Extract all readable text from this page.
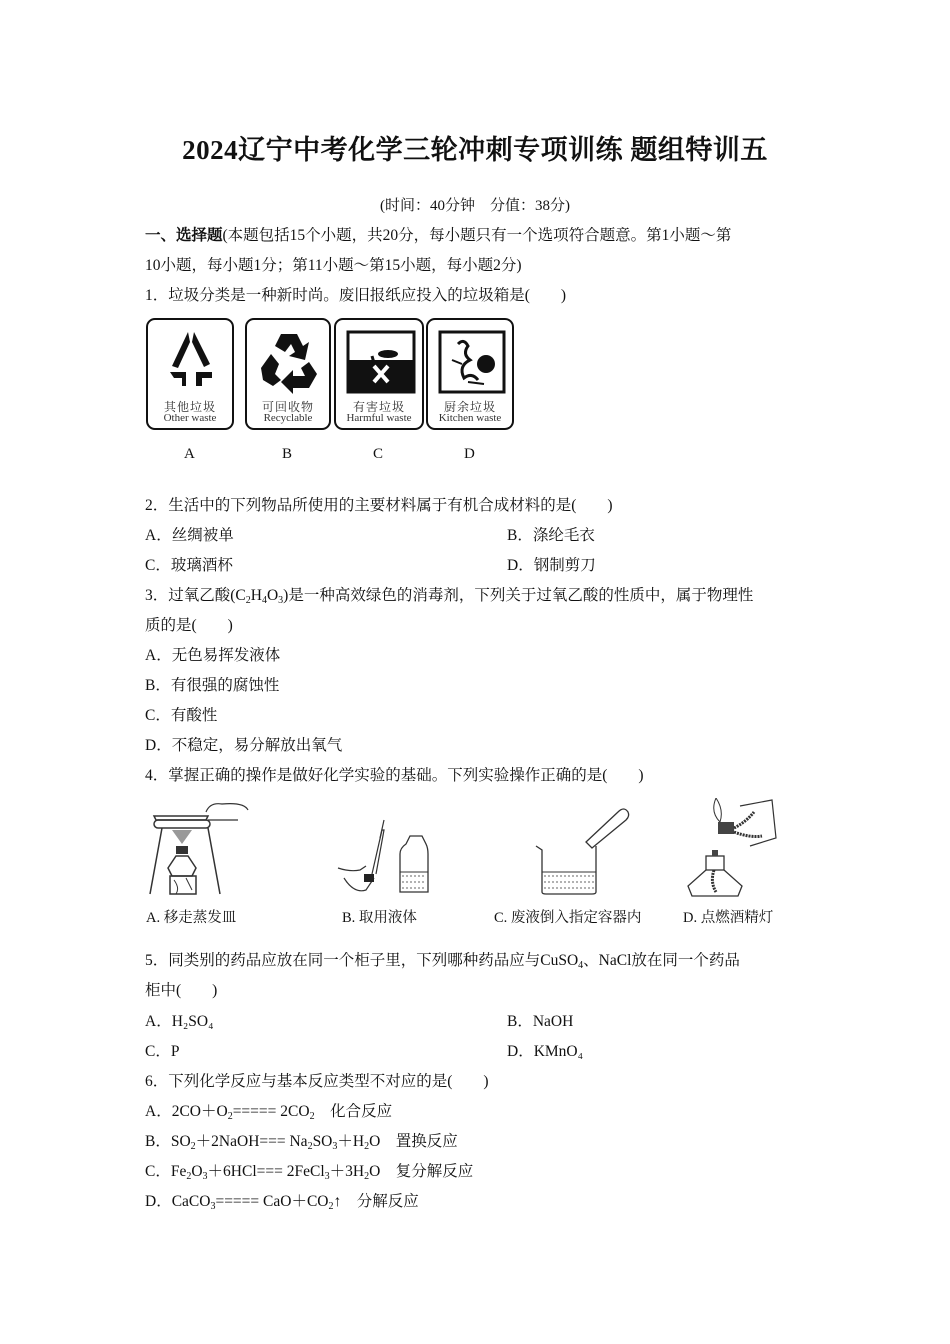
2024辽宁中考化学三轮冲刺专项训练 题组特训五
(时间：40分钟　分值：38分)
一、选择题(本题包括15个小题，共20分，每小题只有一个选项符合题意。第1小题～第
10小题，每小题1分；第11小题～第15小题，每小题2分)
1．垃圾分类是一种新时尚。废旧报纸应投入的垃圾箱是(　　)
其他垃圾
Other waste
可回收物
Recyclable
有害垃圾
Harmful waste
厨余垃圾
Kitchen waste
A	B	C	D
2．生活中的下列物品所使用的主要材料属于有机合成材料的是(　　)
A．丝绸被单	B．涤纶毛衣
C．玻璃酒杯	D．钢制剪刀
3．过氧乙酸$(C_2H_4O_3)$是一种高效绿色的消毒剂，下列关于过氧乙酸的性质中，属于物理性
质的是(　　)
A．无色易挥发液体
B．有很强的腐蚀性
C．有酸性
D．不稳定，易分解放出氧气
4．掌握正确的操作是做好化学实验的基础。下列实验操作正确的是(　　)
A. 移走蒸发皿	B. 取用液体	C. 废液倒入指定容器内	D. 点燃酒精灯
5．同类别的药品应放在同一个柜子里，下列哪种药品应与CuSO$_4$、NaCl放在同一个药品
柜中(　　)
A．H₂SO₄	B．NaOH
C．P	D．KMnO₄
6．下列化学反应与基本反应类型不对应的是(　　)
A．$2CO+O_2===== 2CO_2$　 化合反应
B．$SO_2+2NaOH=== Na_2SO_3+H_2O$　置换反应
C．$Fe_2O_3+6HCl===$ $2FeCl_3+3H_2O$　复分解反应
D．CaCO$_3$===== $CaO+CO_2↑$　分解反应
